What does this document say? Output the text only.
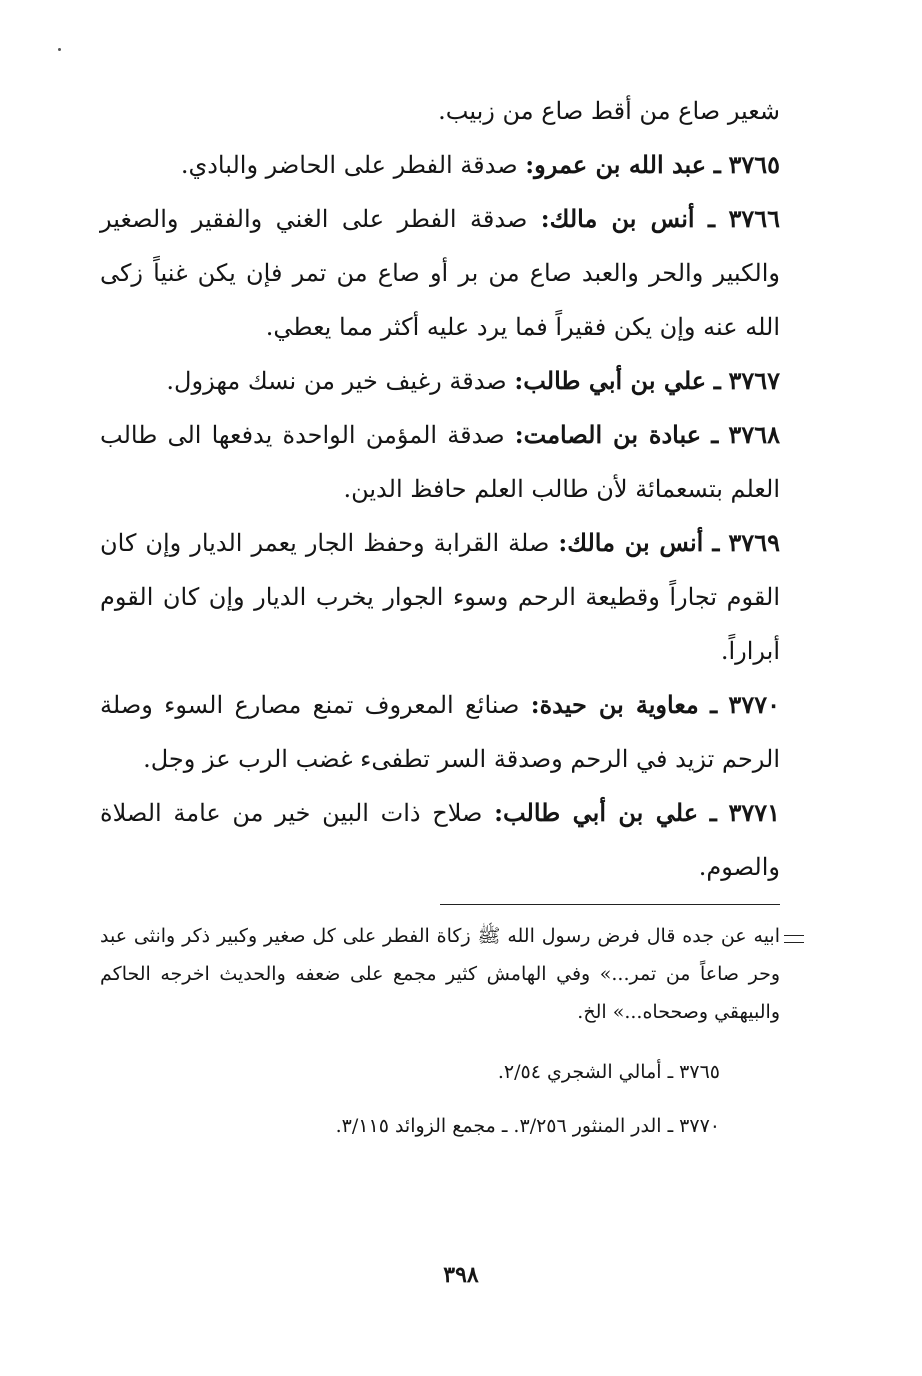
شعير صاع من أقط صاع من زبيب.

٣٧٦٥ ـ عبد الله بن عمرو: صدقة الفطر على الحاضر والبادي.

٣٧٦٦ ـ أنس بن مالك: صدقة الفطر على الغني والفقير والصغير والكبير والحر والعبد صاع من بر أو صاع من تمر فإن يكن غنياً زكى الله عنه وإن يكن فقيراً فما يرد عليه أكثر مما يعطي.

٣٧٦٧ ـ علي بن أبي طالب: صدقة رغيف خير من نسك مهزول.

٣٧٦٨ ـ عبادة بن الصامت: صدقة المؤمن الواحدة يدفعها الى طالب العلم بتسعمائة لأن طالب العلم حافظ الدين.

٣٧٦٩ ـ أنس بن مالك: صلة القرابة وحفظ الجار يعمر الديار وإن كان القوم تجاراً وقطيعة الرحم وسوء الجوار يخرب الديار وإن كان القوم أبراراً.

٣٧٧٠ ـ معاوية بن حيدة: صنائع المعروف تمنع مصارع السوء وصلة الرحم تزيد في الرحم وصدقة السر تطفىء غضب الرب عز وجل.

٣٧٧١ ـ علي بن أبي طالب: صلاح ذات البين خير من عامة الصلاة والصوم.

ابيه عن جده قال فرض رسول الله ﷺ زكاة الفطر على كل صغير وكبير ذكر وانثى عبد وحر صاعاً من تمر...» وفي الهامش كثير مجمع على ضعفه والحديث اخرجه الحاكم والبيهقي وصححاه...» الخ.

٣٧٦٥ ـ أمالي الشجري ٢/٥٤.

٣٧٧٠ ـ الدر المنثور ٣/٢٥٦. ـ مجمع الزوائد ٣/١١٥.

٣٩٨
